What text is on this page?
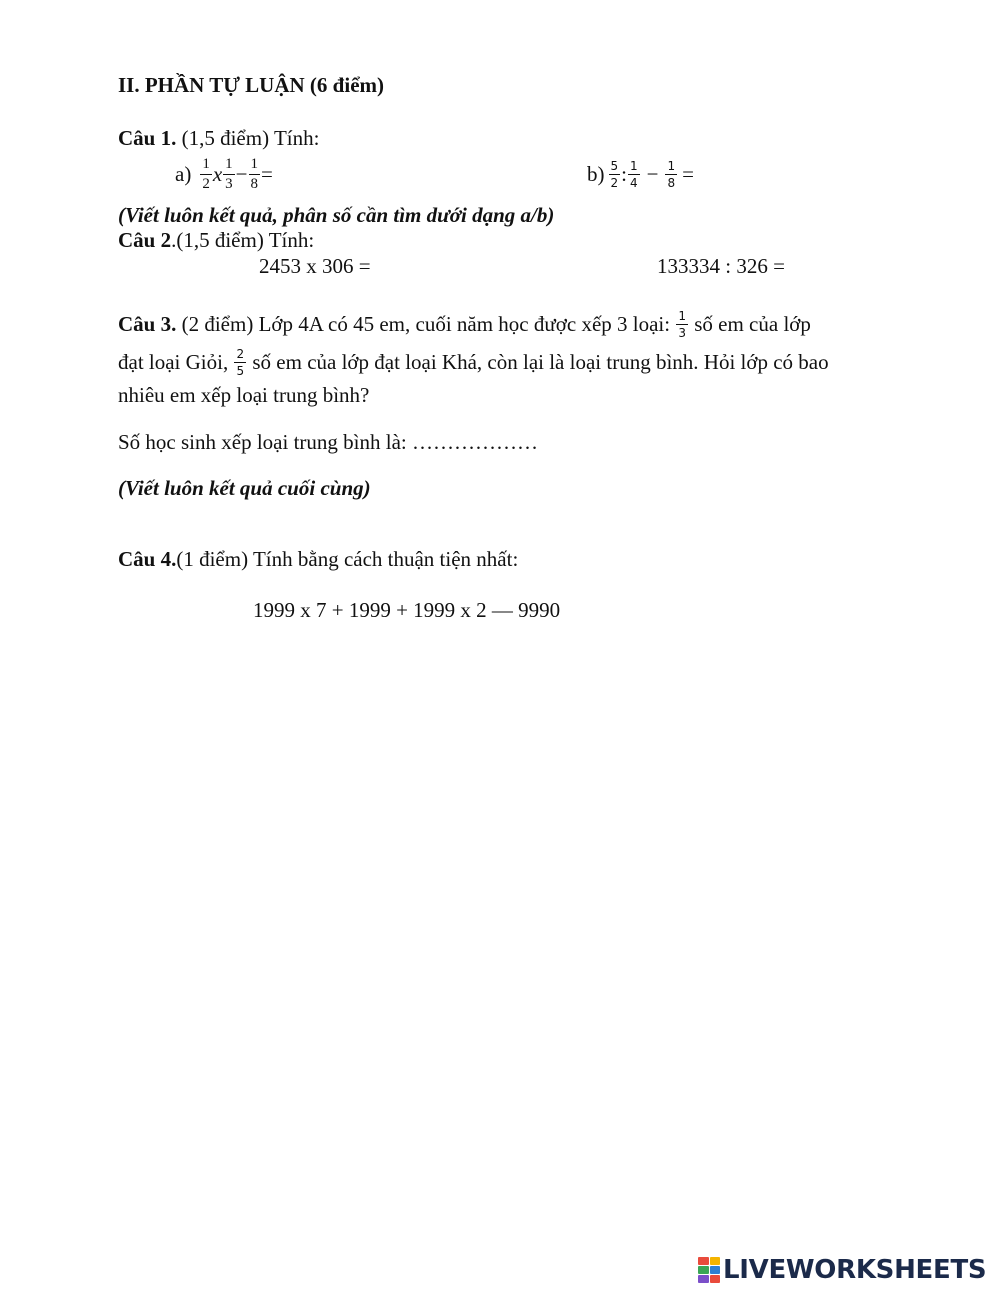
II. PHẦN TỰ LUẬN (6 điểm)
Câu 1. (1,5 điểm) Tính:
$a) \frac{1}{2}$ x $\frac{1}{3} - \frac{1}{8}$ =	$b) \frac{5}{2}$ : $\frac{1}{4} - \frac{1}{8}$ =
(Viết luôn kết quả, phân số cần tìm dưới dạng a/b)
Câu 2.(1,5 điểm) Tính:
2453 x 306 =	133334 : 326 =
Câu 3. (2 điểm) Lớp 4A có 45 em, cuối năm học được xếp 3 loại: $\frac{1}{3}$ số em của lớp
đạt loại Giỏi, $\frac{2}{5}$ số em của lớp đạt loại Khá, còn lại là loại trung bình. Hỏi lớp có bao
nhiêu em xếp loại trung bình?
Số học sinh xếp loại trung bình là: ………………
(Viết luôn kết quả cuối cùng)
Câu 4.(1 điểm) Tính bằng cách thuận tiện nhất:
1999 x 7 + 1999 + 1999 x 2 — 9990
LIVEWORKSHEETS
